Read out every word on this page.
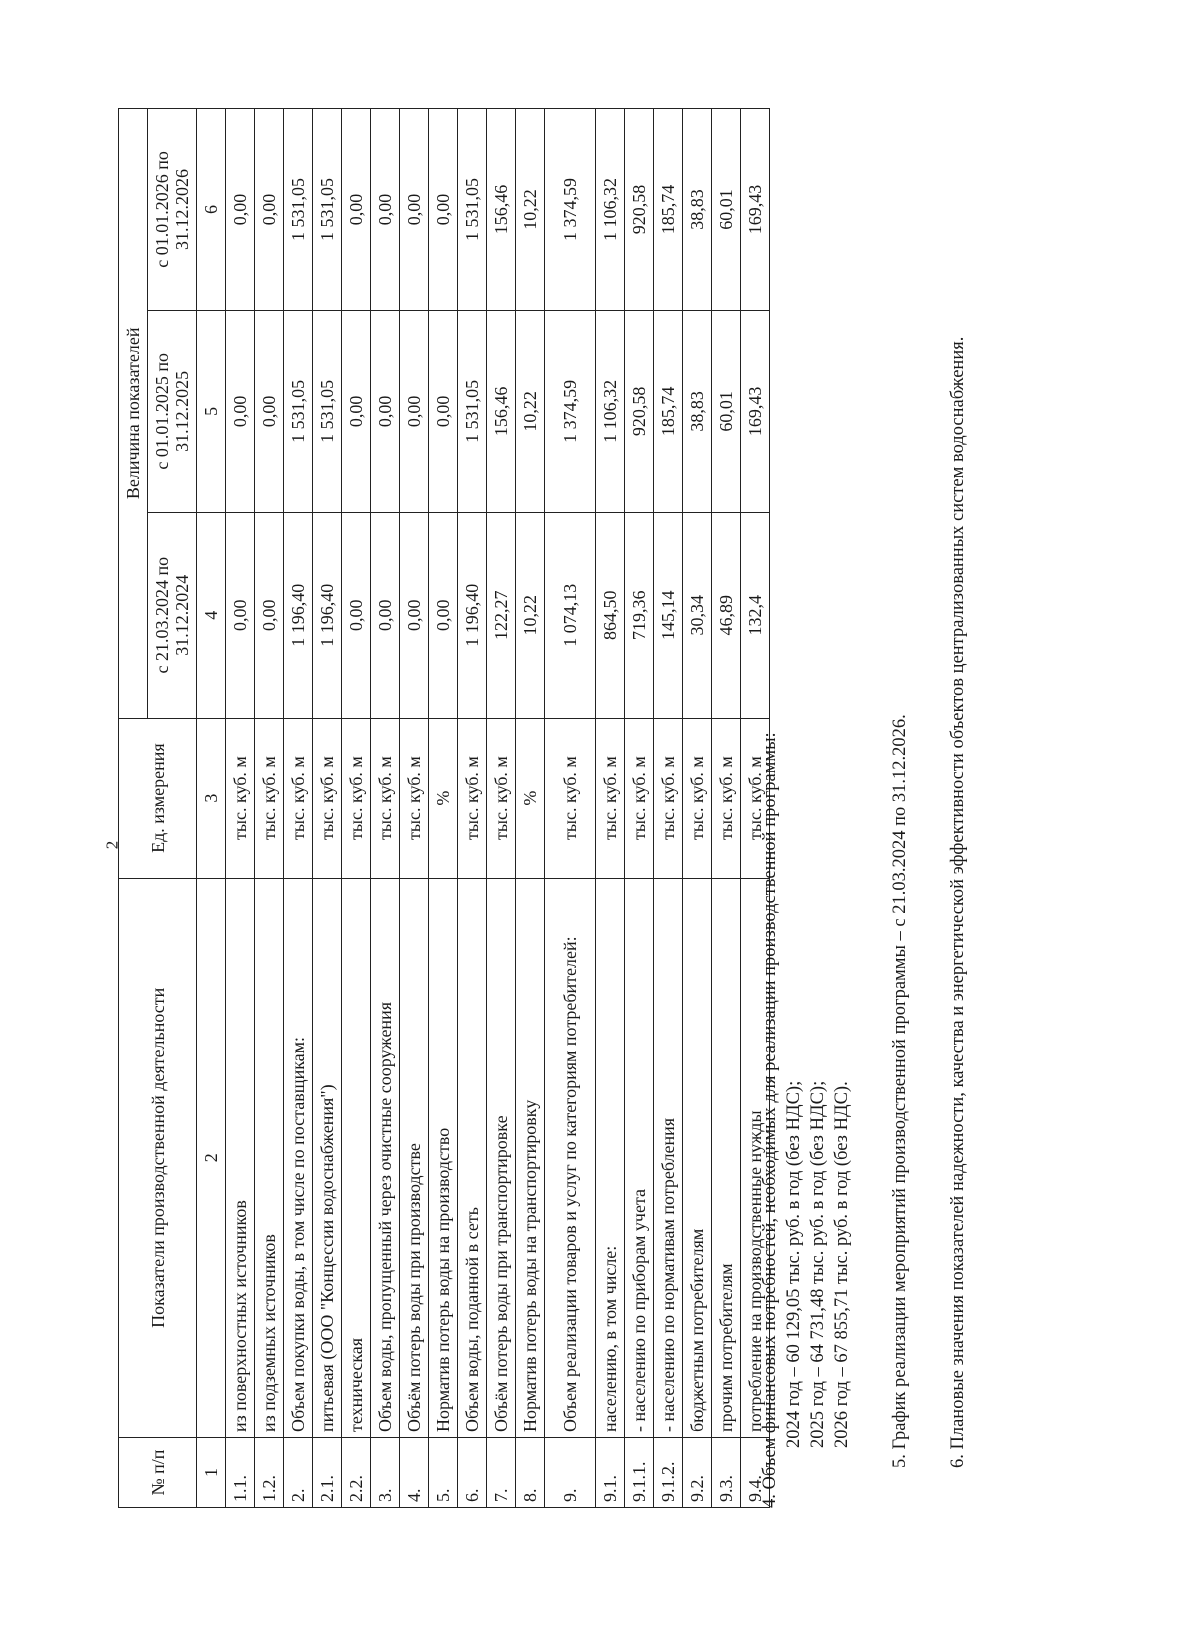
2
№ п/п	Показатели производственной деятельности	Ед. измерения	Величина показателей		
			с 21.03.2024 по 31.12.2024	с 01.01.2025 по 31.12.2025	с 01.01.2026 по 31.12.2026
1	2	3	4	5	6
1.1.	из поверхностных источников	тыс. куб. м	0,00	0,00	0,00
1.2.	из подземных источников	тыс. куб. м	0,00	0,00	0,00
2.	Объем покупки воды, в том числе по поставщикам:	тыс. куб. м	1 196,40	1 531,05	1 531,05
2.1.	питьевая (ООО "Концессии водоснабжения")	тыс. куб. м	1 196,40	1 531,05	1 531,05
2.2.	техническая	тыс. куб. м	0,00	0,00	0,00
3.	Объем воды, пропущенный через очистные сооружения	тыс. куб. м	0,00	0,00	0,00
4.	Объём потерь воды при производстве	тыс. куб. м	0,00	0,00	0,00
5.	Норматив потерь воды на производство	%	0,00	0,00	0,00
6.	Объем воды, поданной в сеть	тыс. куб. м	1 196,40	1 531,05	1 531,05
7.	Объём потерь воды при транспортировке	тыс. куб. м	122,27	156,46	156,46
8.	Норматив потерь воды на транспортировку	%	10,22	10,22	10,22
9.	Объем реализации товаров и услуг по категориям потребителей:	тыс. куб. м	1 074,13	1 374,59	1 374,59
9.1.	населению, в том числе:	тыс. куб. м	864,50	1 106,32	1 106,32
9.1.1.	- населению по приборам учета	тыс. куб. м	719,36	920,58	920,58
9.1.2.	- населению по нормативам потребления	тыс. куб. м	145,14	185,74	185,74
9.2.	бюджетным потребителям	тыс. куб. м	30,34	38,83	38,83
9.3.	прочим потребителям	тыс. куб. м	46,89	60,01	60,01
9.4.	потребление на производственные нужды	тыс. куб. м	132,4	169,43	169,43

4. Объем финансовых потребностей, необходимых для реализации производственной программы: 2024 год – 60 129,05 тыс. руб. в год (без НДС); 2025 год – 64 731,48 тыс. руб. в год (без НДС); 2026 год – 67 855,71 тыс. руб. в год (без НДС). 5. График реализации мероприятий производственной программы – с 21.03.2024 по 31.12.2026. 6. Плановые значения показателей надежности, качества и энергетической эффективности объектов централизованных систем водоснабжения.
